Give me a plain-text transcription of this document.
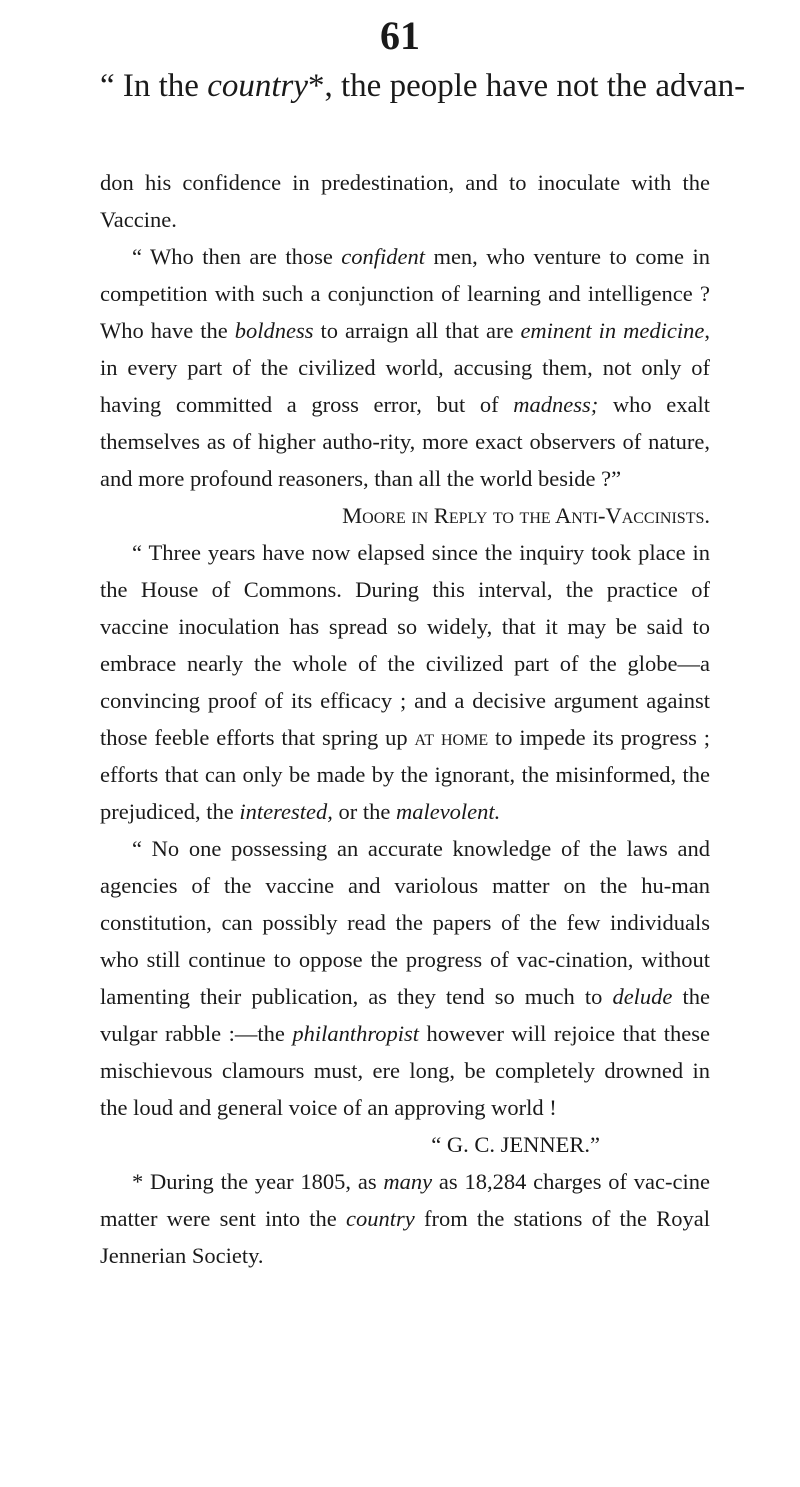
61
“ In the country*, the people have not the advan-

don his confidence in predestination, and to inoculate with the Vaccine.

“ Who then are those confident men, who venture to come in competition with such a conjunction of learning and intelligence ? Who have the boldness to arraign all that are eminent in medicine, in every part of the civilized world, accusing them, not only of having committed a gross error, but of madness; who exalt themselves as of higher autho-rity, more exact observers of nature, and more profound reasoners, than all the world beside ?”

Moore in Reply to the Anti-Vaccinists.

“ Three years have now elapsed since the inquiry took place in the House of Commons. During this interval, the practice of vaccine inoculation has spread so widely, that it may be said to embrace nearly the whole of the civilized part of the globe—a convincing proof of its efficacy ; and a decisive argument against those feeble efforts that spring up at home to impede its progress ; efforts that can only be made by the ignorant, the misinformed, the prejudiced, the interested, or the malevolent.

“ No one possessing an accurate knowledge of the laws and agencies of the vaccine and variolous matter on the hu-man constitution, can possibly read the papers of the few individuals who still continue to oppose the progress of vac-cination, without lamenting their publication, as they tend so much to delude the vulgar rabble :—the philanthropist however will rejoice that these mischievous clamours must, ere long, be completely drowned in the loud and general voice of an approving world !

“ G. C. JENNER.”

* During the year 1805, as many as 18,284 charges of vac-cine matter were sent into the country from the stations of the Royal Jennerian Society.
